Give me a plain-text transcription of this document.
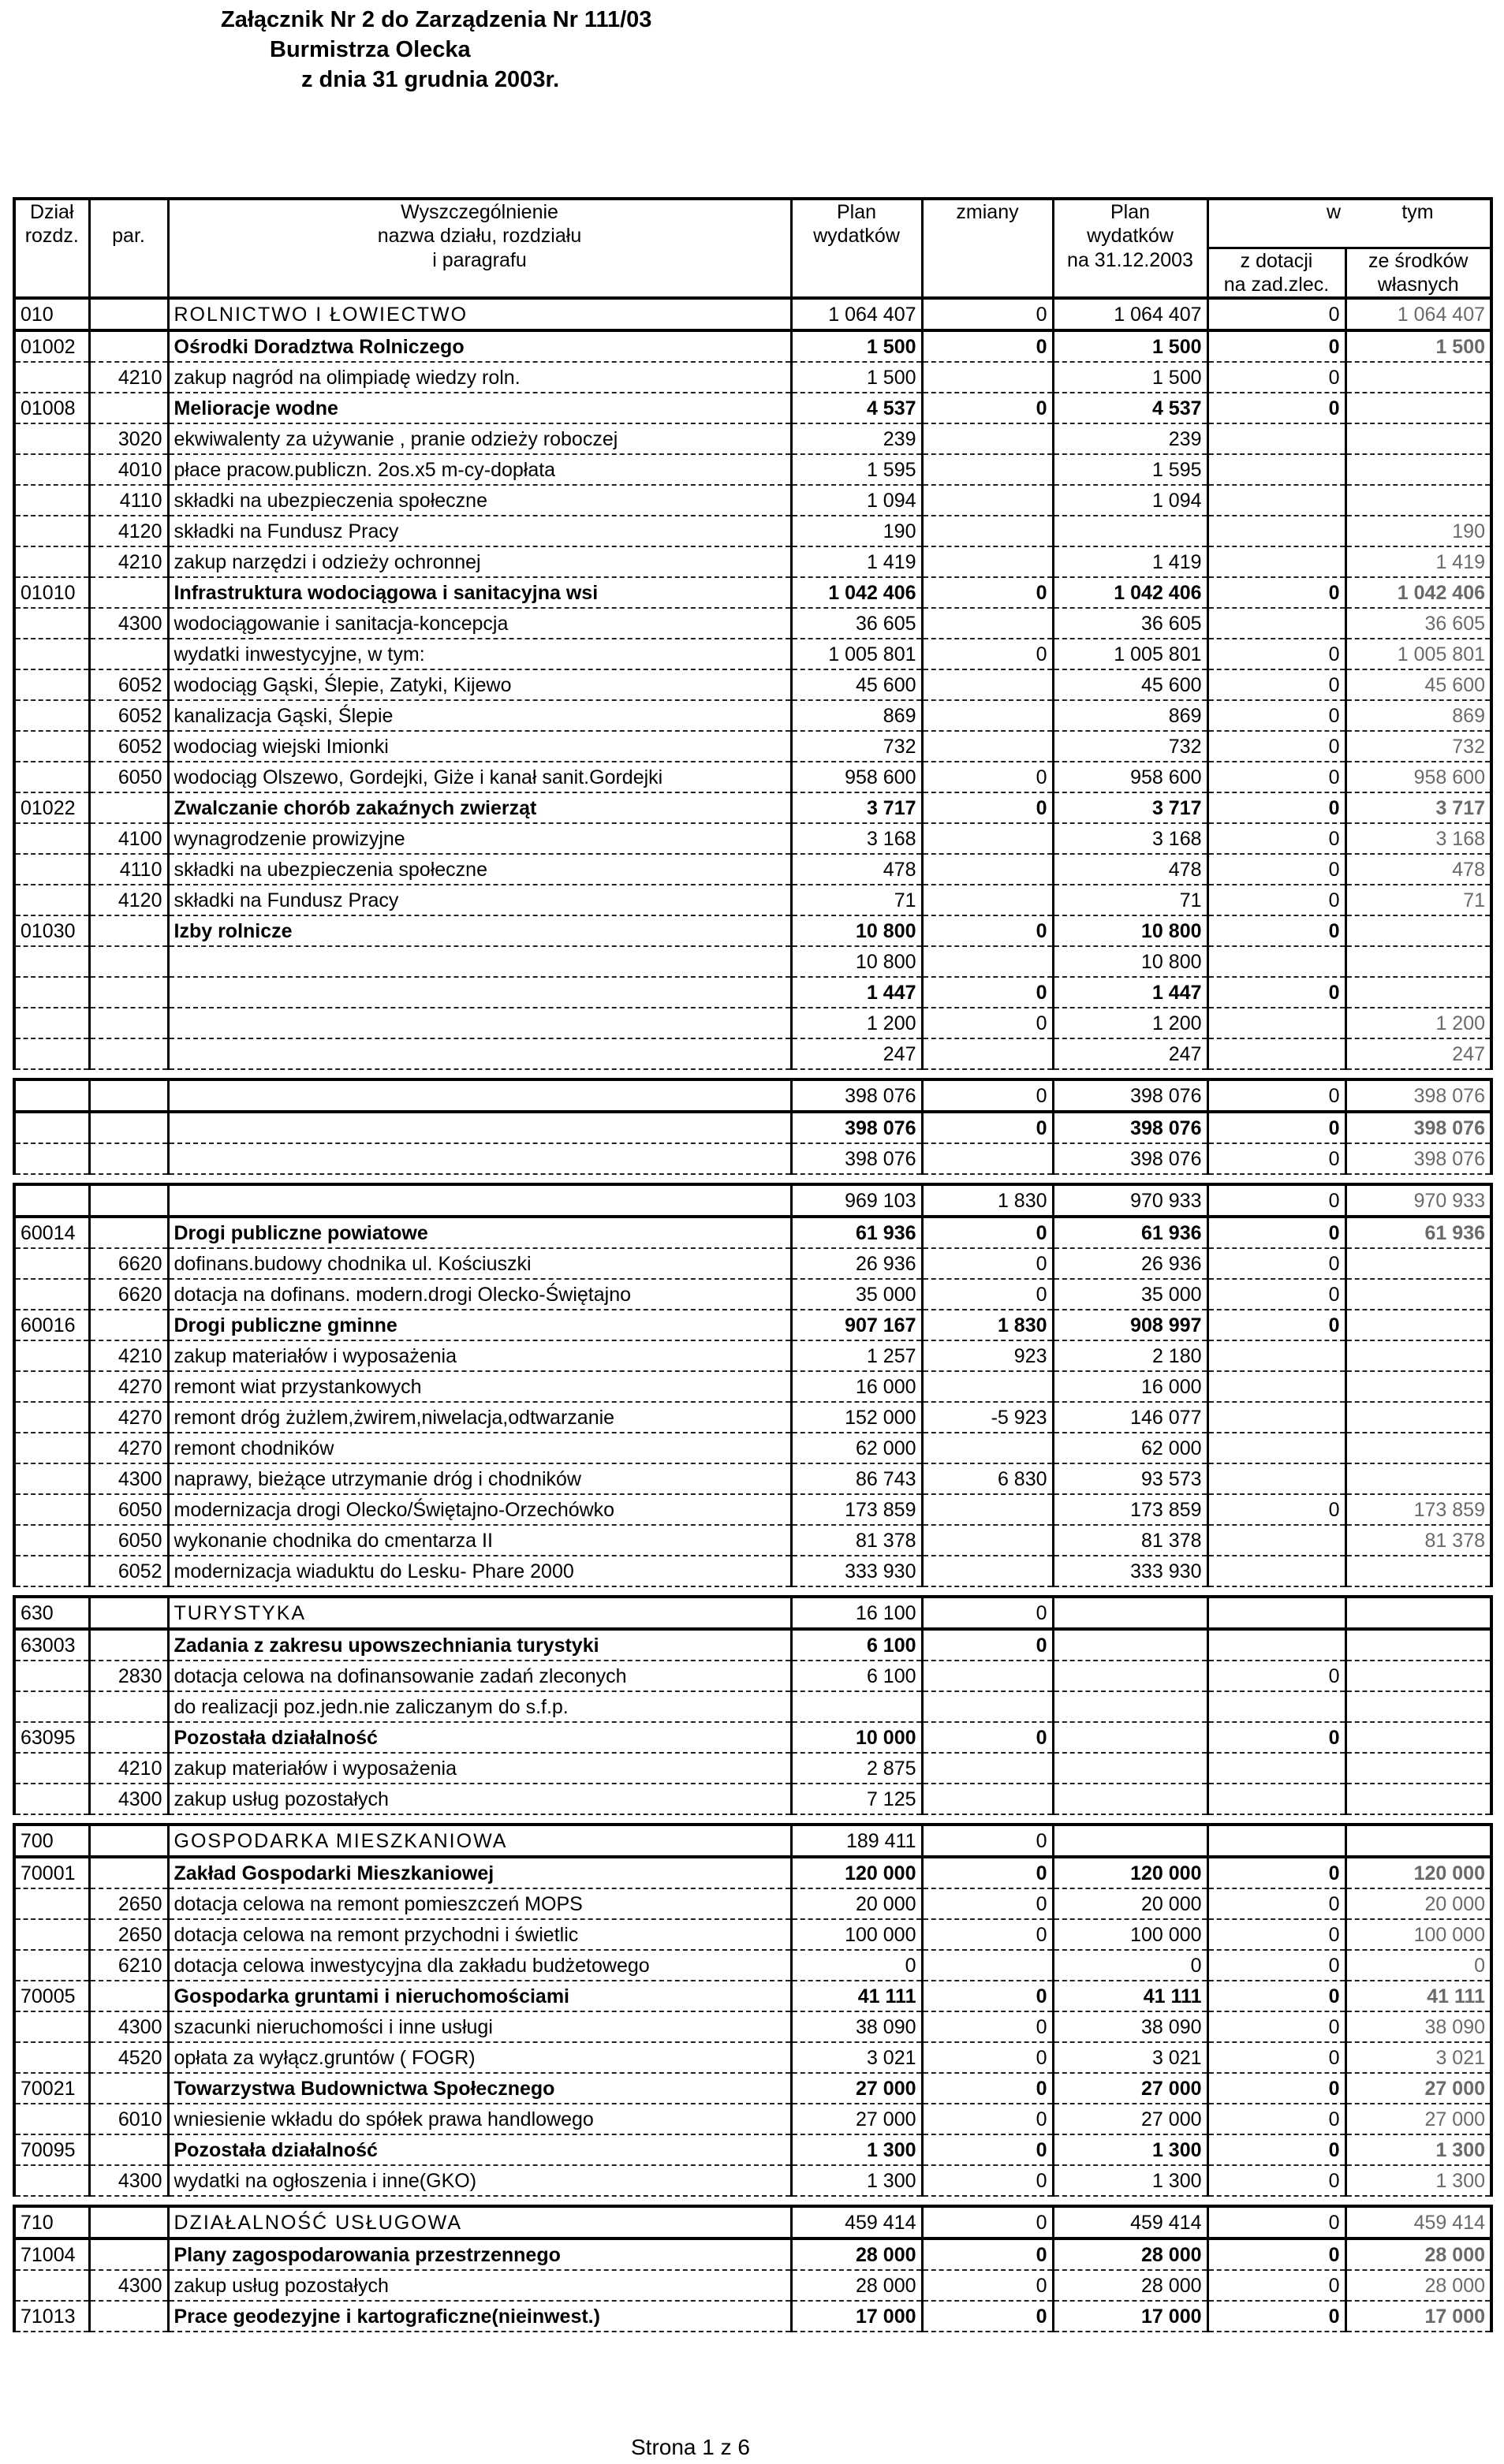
Załącznik Nr 2 do Zarządzenia Nr 111/03
Burmistrza Olecka
z dnia 31 grudnia 2003r.
Dział		Wyszczególnienie	Plan	zmiany	Plan	w	tym
rozdz.	par.	nazwa działu, rozdziału	wydatków		wydatków		
		i paragrafu			na 31.12.2003	z dotacji	ze środków
						na zad.zlec.	własnych
010		ROLNICTWO I ŁOWIECTWO	1 064 407	0	1 064 407	0	1 064 407
01002		Ośrodki Doradztwa Rolniczego	1 500	0	1 500	0	1 500
	4210	zakup nagród na olimpiadę wiedzy roln.	1 500		1 500	0	
01008		Melioracje wodne	4 537	0	4 537	0	
	3020	ekwiwalenty za używanie , pranie odzieży roboczej	239		239		
	4010	płace pracow.publiczn. 2os.x5 m-cy-dopłata	1 595		1 595		
	4110	składki na ubezpieczenia społeczne	1 094		1 094		
	4120	składki na Fundusz Pracy	190				190
	4210	zakup narzędzi i odzieży ochronnej	1 419		1 419		1 419
01010		Infrastruktura wodociągowa i sanitacyjna wsi	1 042 406	0	1 042 406	0	1 042 406
	4300	wodociągowanie i sanitacja-koncepcja	36 605		36 605		36 605
		wydatki inwestycyjne, w tym:	1 005 801	0	1 005 801	0	1 005 801
	6052	wodociąg Gąski, Ślepie, Zatyki, Kijewo	45 600		45 600	0	45 600
	6052	kanalizacja Gąski, Ślepie	869		869	0	869
	6052	wodociag wiejski Imionki	732		732	0	732
	6050	wodociąg Olszewo, Gordejki, Giże i kanał sanit.Gordejki	958 600	0	958 600	0	958 600
01022		Zwalczanie chorób zakaźnych zwierząt	3 717	0	3 717	0	3 717
	4100	wynagrodzenie prowizyjne	3 168		3 168	0	3 168
	4110	składki na ubezpieczenia społeczne	478		478	0	478
	4120	składki na Fundusz Pracy	71		71	0	71
01030		Izby rolnicze	10 800	0	10 800	0	
			10 800		10 800		
			1 447	0	1 447	0	
			1 200	0	1 200		1 200
			247		247		247

			398 076	0	398 076	0	398 076
			398 076	0	398 076	0	398 076
			398 076		398 076	0	398 076

			969 103	1 830	970 933	0	970 933
60014		Drogi publiczne powiatowe	61 936	0	61 936	0	61 936
	6620	dofinans.budowy chodnika ul. Kościuszki	26 936	0	26 936	0	
	6620	dotacja na dofinans. modern.drogi Olecko-Świętajno	35 000	0	35 000	0	
60016		Drogi publiczne gminne	907 167	1 830	908 997	0	
	4210	zakup materiałów i wyposażenia	1 257	923	2 180		
	4270	remont wiat przystankowych	16 000		16 000		
	4270	remont dróg żużlem,żwirem,niwelacja,odtwarzanie	152 000	-5 923	146 077		
	4270	remont chodników	62 000		62 000		
	4300	naprawy, bieżące utrzymanie dróg i chodników	86 743	6 830	93 573		
	6050	modernizacja drogi Olecko/Świętajno-Orzechówko	173 859		173 859	0	173 859
	6050	wykonanie chodnika do cmentarza II	81 378		81 378		81 378
	6052	modernizacja wiaduktu do Lesku- Phare 2000	333 930		333 930		

630		TURYSTYKA	16 100	0			
63003		Zadania z zakresu upowszechniania turystyki	6 100	0			
	2830	dotacja celowa na dofinansowanie zadań zleconych	6 100			0	
		do realizacji poz.jedn.nie zaliczanym do s.f.p.					
63095		Pozostała działalność	10 000	0		0	
	4210	zakup materiałów i wyposażenia	2 875				
	4300	zakup usług pozostałych	7 125				

700		GOSPODARKA MIESZKANIOWA	189 411	0			
70001		Zakład Gospodarki Mieszkaniowej	120 000	0	120 000	0	120 000
	2650	dotacja celowa na remont pomieszczeń MOPS	20 000	0	20 000	0	20 000
	2650	dotacja celowa na remont przychodni i świetlic	100 000	0	100 000	0	100 000
	6210	dotacja celowa inwestycyjna dla zakładu budżetowego	0		0	0	0
70005		Gospodarka gruntami i nieruchomościami	41 111	0	41 111	0	41 111
	4300	szacunki nieruchomości i inne usługi	38 090	0	38 090	0	38 090
	4520	opłata za wyłącz.gruntów ( FOGR)	3 021	0	3 021	0	3 021
70021		Towarzystwa Budownictwa Społecznego	27 000	0	27 000	0	27 000
	6010	wniesienie wkładu do spółek prawa handlowego	27 000	0	27 000	0	27 000
70095		Pozostała działalność	1 300	0	1 300	0	1 300
	4300	wydatki na ogłoszenia i inne(GKO)	1 300	0	1 300	0	1 300

710		DZIAŁALNOŚĆ USŁUGOWA	459 414	0	459 414	0	459 414
71004		Plany zagospodarowania przestrzennego	28 000	0	28 000	0	28 000
	4300	zakup usług pozostałych	28 000	0	28 000	0	28 000
71013		Prace geodezyjne i kartograficzne(nieinwest.)	17 000	0	17 000	0	17 000
Strona 1 z 6
